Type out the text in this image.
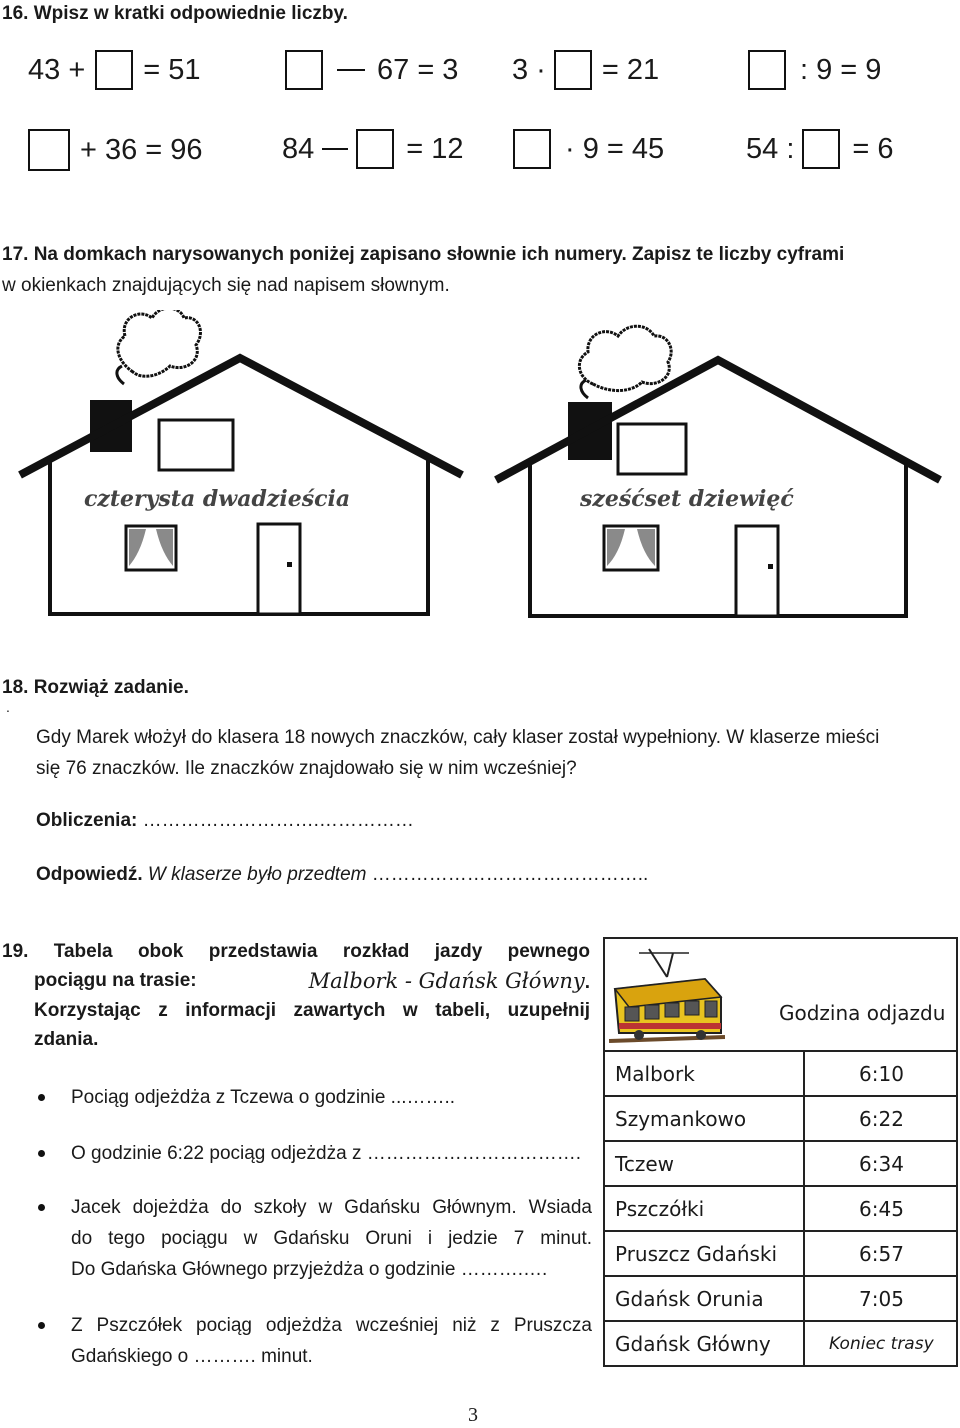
16. Wpisz w kratki odpowiednie liczby.
43 + = 51	67 = 3 3 · = 21	: 9 = 9
+ 36 = 96	84	= 12	· 9 = 45	54 : = 6
17. Na domkach narysowanych poniżej zapisano słownie ich numery. Zapisz te liczby cyframi
w okienkach znajdujących się nad napisem słownym.
czterysta dwadzieścia	sześćset dziewięć
18. Rozwiąż zadanie.
.
Gdy Marek włożył do klasera 18 nowych znaczków, cały klaser został wypełniony. W klaserze mieści
się 76 znaczków. Ile znaczków znajdowało się w nim wcześniej?
Obliczenia: ……………………….……………
Odpowiedź. W klaserze było przedtem ……………………………………..
19. Tabela obok przedstawia rozkład jazdy pewnego
pociągu na trasie:	Malbork - Gdańsk Główny.
Korzystając z informacji zawartych w tabeli, uzupełnij
zdania.
Pociąg odjeżdża z Tczewa o godzinie ...……..
O godzinie 6:22 pociąg odjeżdża z …………………………….
Jacek dojeżdża do szkoły w Gdańsku Głównym. Wsiada
do tego pociągu w Gdańsku Oruni i jedzie 7 minut.
Do Gdańska Głównego przyjeżdża o godzinie ……….….
Z Pszczółek pociąg odjeżdża wcześniej niż z Pruszcza
Gdańskiego o ………. minut.
Godzina odjazdu
Malbork	6:10
Szymankowo	6:22
Tczew	6:34
Pszczółki	6:45
Pruszcz Gdański	6:57
Gdańsk Orunia	7:05
Gdańsk Główny	Koniec trasy
3
